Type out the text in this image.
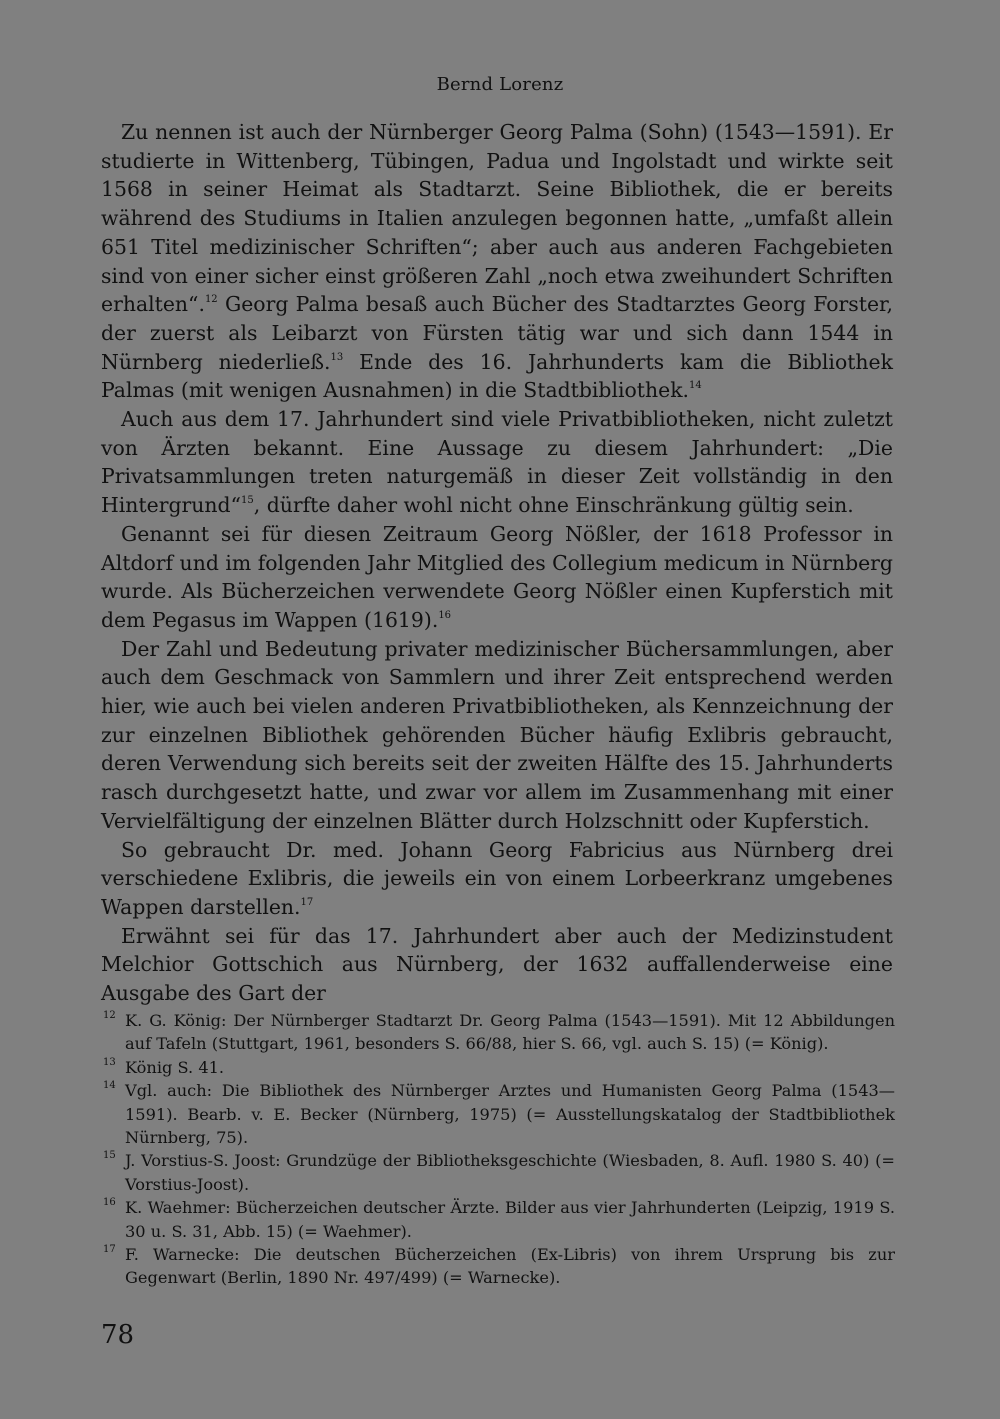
Bernd Lorenz

Zu nennen ist auch der Nürnberger Georg Palma (Sohn) (1543—1591). Er studierte in Wittenberg, Tübingen, Padua und Ingolstadt und wirkte seit 1568 in seiner Heimat als Stadtarzt. Seine Bibliothek, die er bereits während des Studiums in Italien anzulegen begonnen hatte, „umfaßt allein 651 Titel medizinischer Schriften“; aber auch aus anderen Fachgebieten sind von einer sicher einst größeren Zahl „noch etwa zweihundert Schriften erhalten“.$^{12}$ Georg Palma besaß auch Bücher des Stadtarztes Georg Forster, der zuerst als Leibarzt von Fürsten tätig war und sich dann 1544 in Nürnberg niederließ.$^{13}$ Ende des 16. Jahrhunderts kam die Bibliothek Palmas (mit wenigen Ausnahmen) in die Stadtbibliothek.$^{14}$

Auch aus dem 17. Jahrhundert sind viele Privatbibliotheken, nicht zuletzt von Ärzten bekannt. Eine Aussage zu diesem Jahrhundert: „Die Privatsammlungen treten naturgemäß in dieser Zeit vollständig in den Hintergrund“$^{15}$, dürfte daher wohl nicht ohne Einschränkung gültig sein.

Genannt sei für diesen Zeitraum Georg Nößler, der 1618 Professor in Altdorf und im folgenden Jahr Mitglied des Collegium medicum in Nürnberg wurde. Als Bücherzeichen verwendete Georg Nößler einen Kupferstich mit dem Pegasus im Wappen (1619).$^{16}$

Der Zahl und Bedeutung privater medizinischer Büchersammlungen, aber auch dem Geschmack von Sammlern und ihrer Zeit entsprechend werden hier, wie auch bei vielen anderen Privatbibliotheken, als Kennzeichnung der zur einzelnen Bibliothek gehörenden Bücher häufig Exlibris gebraucht, deren Verwendung sich bereits seit der zweiten Hälfte des 15. Jahrhunderts rasch durchgesetzt hatte, und zwar vor allem im Zusammenhang mit einer Vervielfältigung der einzelnen Blätter durch Holzschnitt oder Kupferstich.

So gebraucht Dr. med. Johann Georg Fabricius aus Nürnberg drei verschiedene Exlibris, die jeweils ein von einem Lorbeerkranz umgebenes Wappen darstellen.$^{17}$

Erwähnt sei für das 17. Jahrhundert aber auch der Medizinstudent Melchior Gottschich aus Nürnberg, der 1632 auffallenderweise eine Ausgabe des Gart der

12 K. G. König: Der Nürnberger Stadtarzt Dr. Georg Palma (1543—1591). Mit 12 Abbildungen auf Tafeln (Stuttgart, 1961, besonders S. 66/88, hier S. 66, vgl. auch S. 15) (= König).

13 König S. 41.

14 Vgl. auch: Die Bibliothek des Nürnberger Arztes und Humanisten Georg Palma (1543—1591). Bearb. v. E. Becker (Nürnberg, 1975) (= Ausstellungskatalog der Stadtbibliothek Nürnberg, 75).

15 J. Vorstius-S. Joost: Grundzüge der Bibliotheksgeschichte (Wiesbaden, 8. Aufl. 1980 S. 40) (= Vorstius-Joost).

16 K. Waehmer: Bücherzeichen deutscher Ärzte. Bilder aus vier Jahrhunderten (Leipzig, 1919 S. 30 u. S. 31, Abb. 15) (= Waehmer).

17 F. Warnecke: Die deutschen Bücherzeichen (Ex-Libris) von ihrem Ursprung bis zur Gegenwart (Berlin, 1890 Nr. 497/499) (= Warnecke).

78
